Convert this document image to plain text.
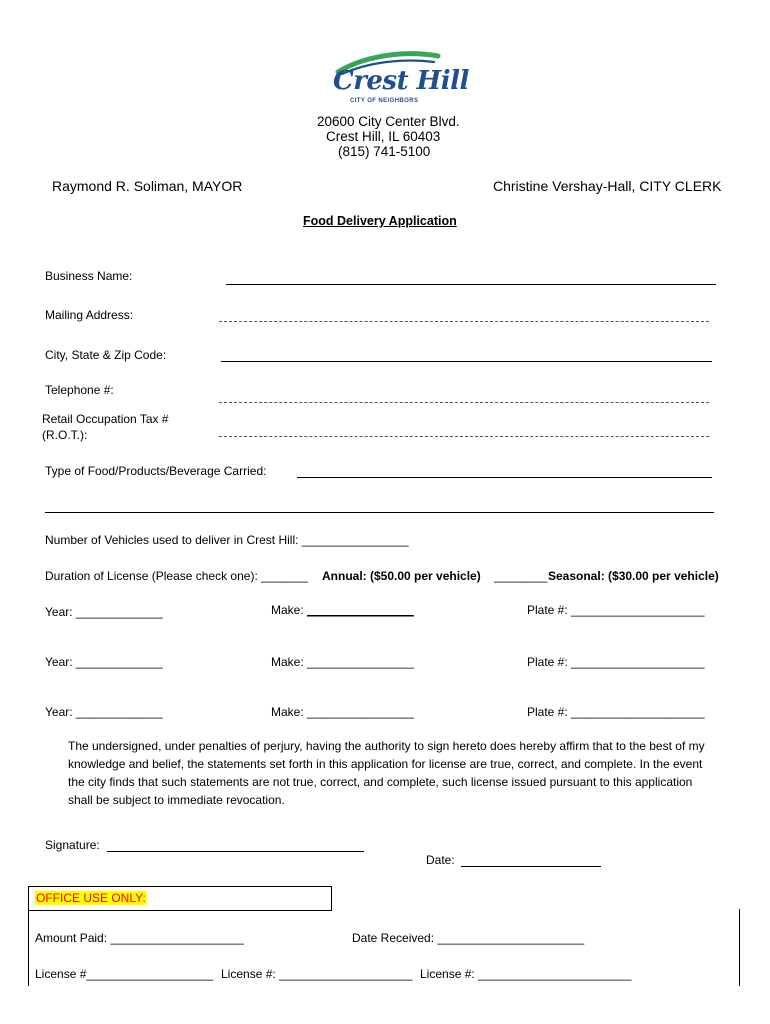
Crest Hill
CITY OF NEIGHBORS
20600 City Center Blvd.
Crest Hill, IL 60403
(815) 741-5100
Raymond R. Soliman, MAYOR	Christine Vershay-Hall, CITY CLERK
Food Delivery Application
Business Name:
Mailing Address:
City, State & Zip Code:
Telephone #:
Retail Occupation Tax #
(R.O.T.):
Type of Food/Products/Beverage Carried:
Number of Vehicles used to deliver in Crest Hill: ________________
Duration of License (Please check one): _______ Annual: ($50.00 per vehicle) ________ Seasonal: ($30.00 per vehicle)
Year: _____________	Make: ________________	Plate #: ____________________
Year: _____________	Make: ________________	Plate #: ____________________
Year: _____________	Make: ________________	Plate #: ____________________
The undersigned, under penalties of perjury, having the authority to sign hereto does hereby affirm that to the best of my knowledge and belief, the statements set forth in this application for license are true, correct, and complete. In the event the city finds that such statements are not true, correct, and complete, such license issued pursuant to this application shall be subject to immediate revocation.
Signature:
Date:
OFFICE USE ONLY:
Amount Paid: ____________________	Date Received: ______________________
License #___________________ License #: ____________________ License #: _______________________
